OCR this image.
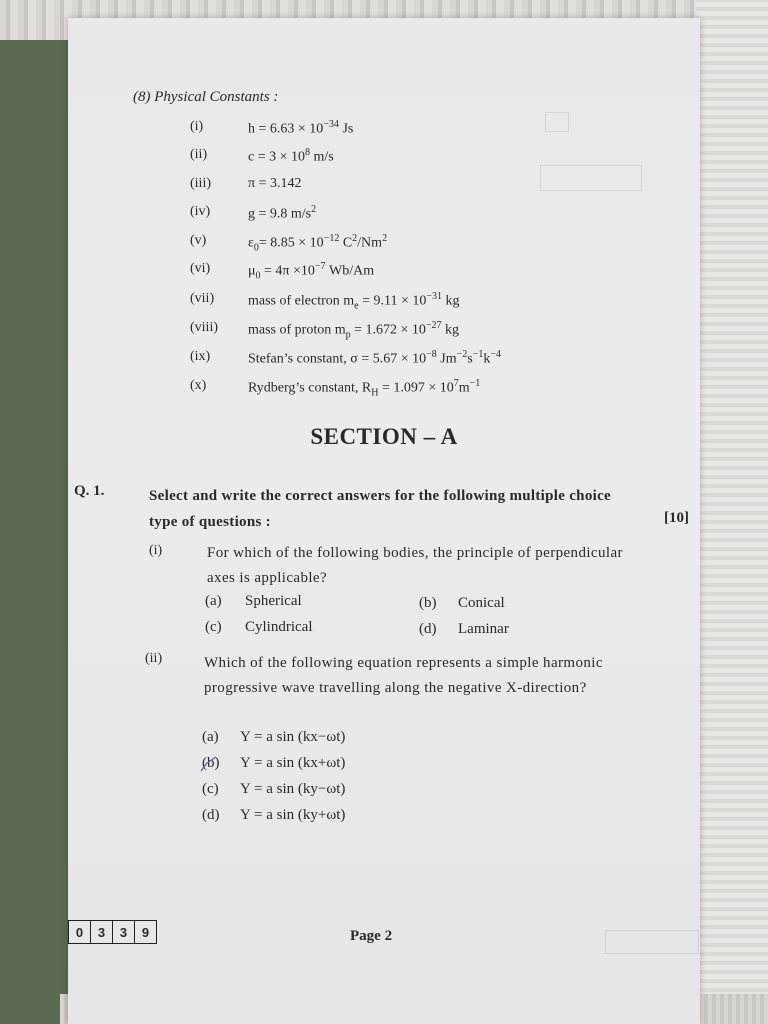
(8) Physical Constants :
(i)	$h = 6.63 \times 10^{-34}$ Js
(ii)	$c = 3 \times 10^8$ m/s
(iii)	π = 3.142
(iv)	g = 9.8 $m/s^2$
(v)	$\varepsilon_0= 8.85 \times 10^{-12}$ $C^2/Nm^2$
(vi)	$\mu_0 = 4\pi \times 10^{-7}$ Wb/Am
(vii) mass of electron $m_e = 9.11 \times 10^{-31}$ kg
(viii) mass of proton $m_p = 1.672 \times 10^{-27}$ kg
(ix)	Stefan’s constant, $\sigma = 5.67 \times 10^{-8}$ $Jm^{-2}s^{-1}k^{-4}$
(x)	Rydberg’s constant, $R_H = 1.097 \times 10^7m^{-1}$
SECTION – A
Q. 1.	Select and write the correct answers for the following multiple choice type of questions :	[10]
(i)	For which of the following bodies, the principle of perpendicular axes is applicable?
(a) Spherical	(b) Conical
(c) Cylindrical	(d) Laminar
(ii)	Which of the following equation represents a simple harmonic progressive wave travelling along the negative X-direction?
(a) Y = a sin (kx−ωt)
(b) Y = a sin (kx+ωt)
(c) Y = a sin (ky−ωt)
(d) Y = a sin (ky+ωt)
0	3	3	9	Page 2
